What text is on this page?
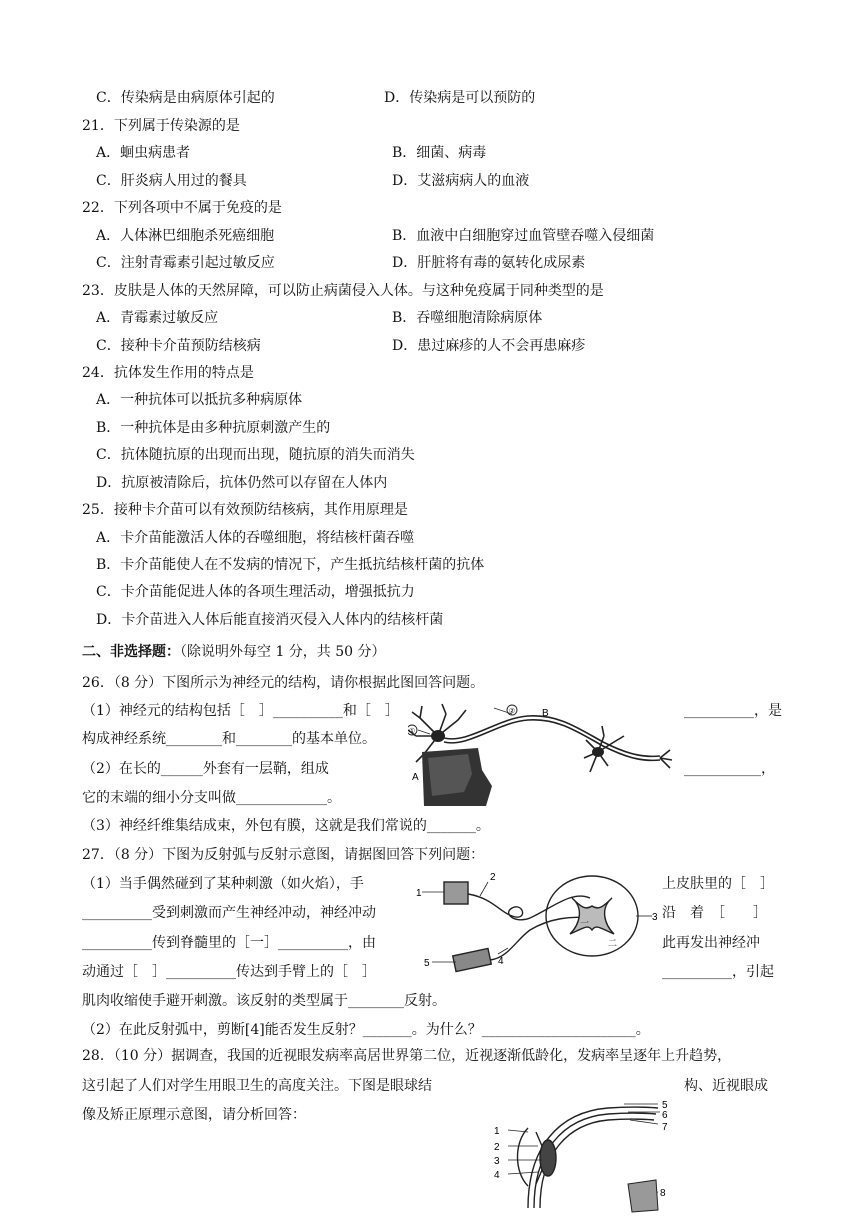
C．传染病是由病原体引起的	D．传染病是可以预防的
21．下列属于传染源的是
A．蛔虫病患者	B．细菌、病毒
C．肝炎病人用过的餐具	D．艾滋病病人的血液
22．下列各项中不属于免疫的是
A．人体淋巴细胞杀死癌细胞	B．血液中白细胞穿过血管壁吞噬入侵细菌
C．注射青霉素引起过敏反应	D．肝脏将有毒的氨转化成尿素
23．皮肤是人体的天然屏障，可以防止病菌侵入人体。与这种免疫属于同种类型的是
A．青霉素过敏反应	B．吞噬细胞清除病原体
C．接种卡介苗预防结核病	D．患过麻疹的人不会再患麻疹
24．抗体发生作用的特点是
A．一种抗体可以抵抗多种病原体
B．一种抗体是由多种抗原刺激产生的
C．抗体随抗原的出现而出现，随抗原的消失而消失
D．抗原被清除后，抗体仍然可以存留在人体内
25．接种卡介苗可以有效预防结核病，其作用原理是
A．卡介苗能激活人体的吞噬细胞，将结核杆菌吞噬
B．卡介苗能使人在不发病的情况下，产生抵抗结核杆菌的抗体
C．卡介苗能促进人体的各项生理活动，增强抵抗力
D．卡介苗进入人体后能直接消灭侵入人体内的结核杆菌
二、非选择题：（除说明外每空 1 分，共 50 分）
26．（8 分）下图所示为神经元的结构，请你根据此图回答问题。
（1）神经元的结构包括［　］__________和［　］	__________，是
构成神经系统________和________的基本单位。
（2）在长的______外套有一层鞘，组成	___________，
它的末端的细小分支叫做_____________。
（3）神经纤维集结成束，外包有膜，这就是我们常说的_______。
②
①
B
A
27．（8 分）下图为反射弧与反射示意图，请据图回答下列问题：
（1）当手偶然碰到了某种刺激（如火焰），手	上皮肤里的［　］
__________受到刺激而产生神经冲动，神经冲动	沿　着　［　　］
__________传到脊髓里的［一］__________，由	此再发出神经冲
动通过［　］__________传达到手臂上的［　］	__________，引起
肌肉收缩使手避开刺激。该反射的类型属于________反射。
（2）在此反射弧中，剪断[4]能否发生反射？_______。为什么？______________________。
1
2
3
4
5
一
二
28．（10 分）据调查，我国的近视眼发病率高居世界第二位，近视逐渐低龄化，发病率呈逐年上升趋势，
这引起了人们对学生用眼卫生的高度关注。下图是眼球结	构、近视眼成
像及矫正原理示意图，请分析回答：
1
2
3
4
5
6
7
8
